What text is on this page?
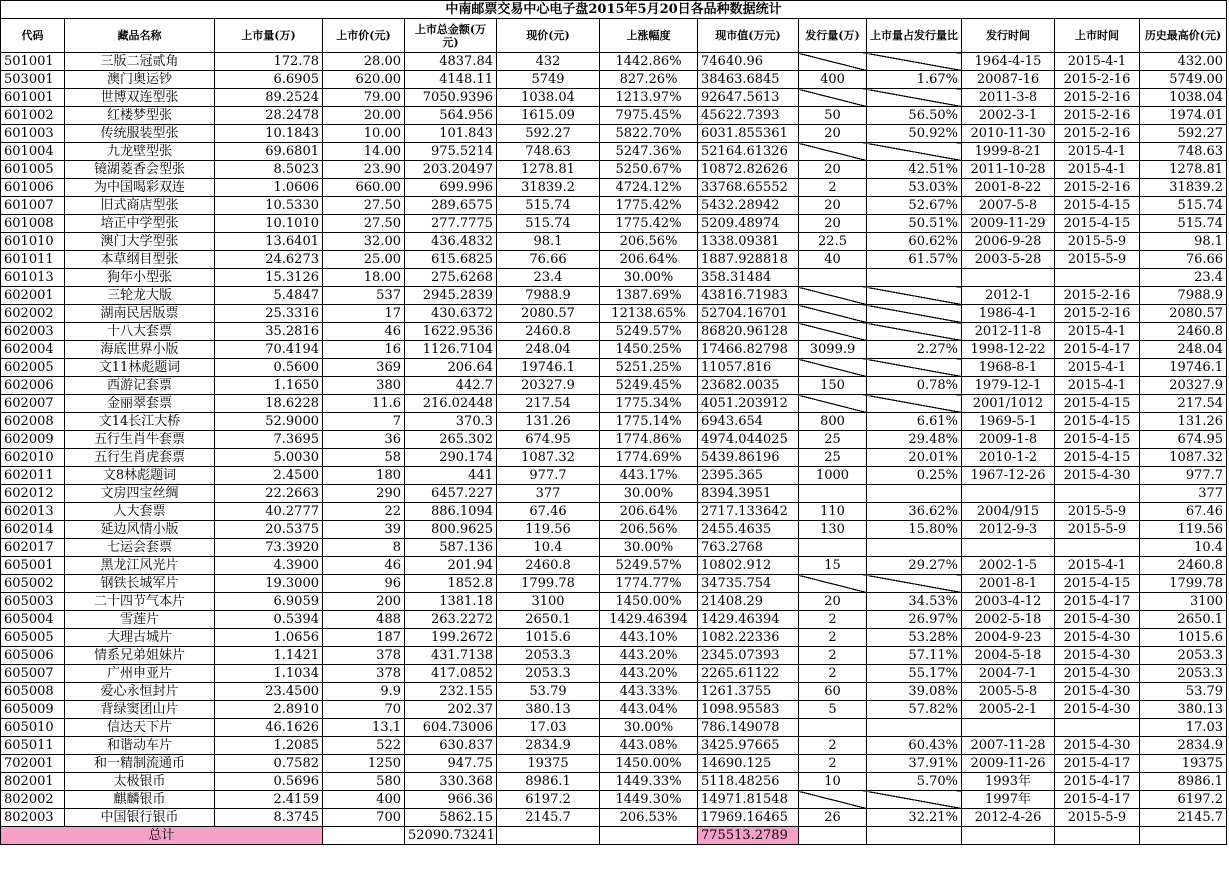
中南邮票交易中心电子盘2015年5月20日各品种数据统计												
代码	藏品名称	上市量(万)	上市价(元)	上市总金额(万元)	现价(元)	上涨幅度	现市值(万元)	发行量(万)	上市量占发行量比	发行时间	上市时间	历史最高价(元)
501001	三版二冠贰角	172.78	28.00	4837.84	432	1442.86%	74640.96			1964-4-15	2015-4-1	432.00
503001	澳门奥运钞	6.6905	620.00	4148.11	5749	827.26%	38463.6845	400	1.67%	20087-16	2015-2-16	5749.00
601001	世博双连型张	89.2524	79.00	7050.9396	1038.04	1213.97%	92647.5613			2011-3-8	2015-2-16	1038.04
601002	红楼梦型张	28.2478	20.00	564.956	1615.09	7975.45%	45622.7393	50	56.50%	2002-3-1	2015-2-16	1974.01
601003	传统服装型张	10.1843	10.00	101.843	592.27	5822.70%	6031.855361	20	50.92%	2010-11-30	2015-2-16	592.27
601004	九龙壁型张	69.6801	14.00	975.5214	748.63	5247.36%	52164.61326			1999-8-21	2015-4-1	748.63
601005	镜湖菱香会型张	8.5023	23.90	203.20497	1278.81	5250.67%	10872.82626	20	42.51%	2011-10-28	2015-4-1	1278.81
601006	为中国喝彩双连	1.0606	660.00	699.996	31839.2	4724.12%	33768.65552	2	53.03%	2001-8-22	2015-2-16	31839.2
601007	旧式商店型张	10.5330	27.50	289.6575	515.74	1775.42%	5432.28942	20	52.67%	2007-5-8	2015-4-15	515.74
601008	培正中学型张	10.1010	27.50	277.7775	515.74	1775.42%	5209.48974	20	50.51%	2009-11-29	2015-4-15	515.74
601010	澳门大学型张	13.6401	32.00	436.4832	98.1	206.56%	1338.09381	22.5	60.62%	2006-9-28	2015-5-9	98.1
601011	本草纲目型张	24.6273	25.00	615.6825	76.66	206.64%	1887.928818	40	61.57%	2003-5-28	2015-5-9	76.66
601013	狗年小型张	15.3126	18.00	275.6268	23.4	30.00%	358.31484					23.4
602001	三轮龙大版	5.4847	537	2945.2839	7988.9	1387.69%	43816.71983			2012-1	2015-2-16	7988.9
602002	湖南民居版票	25.3316	17	430.6372	2080.57	12138.65%	52704.16701			1986-4-1	2015-2-16	2080.57
602003	十八大套票	35.2816	46	1622.9536	2460.8	5249.57%	86820.96128			2012-11-8	2015-4-1	2460.8
602004	海底世界小版	70.4194	16	1126.7104	248.04	1450.25%	17466.82798	3099.9	2.27%	1998-12-22	2015-4-17	248.04
602005	文11林彪题词	0.5600	369	206.64	19746.1	5251.25%	11057.816			1968-8-1	2015-4-1	19746.1
602006	西游记套票	1.1650	380	442.7	20327.9	5249.45%	23682.0035	150	0.78%	1979-12-1	2015-4-1	20327.9
602007	金丽翠套票	18.6228	11.6	216.02448	217.54	1775.34%	4051.203912			2001/1012	2015-4-15	217.54
602008	文14长江大桥	52.9000	7	370.3	131.26	1775.14%	6943.654	800	6.61%	1969-5-1	2015-4-15	131.26
602009	五行生肖牛套票	7.3695	36	265.302	674.95	1774.86%	4974.044025	25	29.48%	2009-1-8	2015-4-15	674.95
602010	五行生肖虎套票	5.0030	58	290.174	1087.32	1774.69%	5439.86196	25	20.01%	2010-1-2	2015-4-15	1087.32
602011	文8林彪题词	2.4500	180	441	977.7	443.17%	2395.365	1000	0.25%	1967-12-26	2015-4-30	977.7
602012	文房四宝丝绸	22.2663	290	6457.227	377	30.00%	8394.3951					377
602013	人大套票	40.2777	22	886.1094	67.46	206.64%	2717.133642	110	36.62%	2004/915	2015-5-9	67.46
602014	延边风情小版	20.5375	39	800.9625	119.56	206.56%	2455.4635	130	15.80%	2012-9-3	2015-5-9	119.56
602017	七运会套票	73.3920	8	587.136	10.4	30.00%	763.2768					10.4
605001	黑龙江风光片	4.3900	46	201.94	2460.8	5249.57%	10802.912	15	29.27%	2002-1-5	2015-4-1	2460.8
605002	钢铁长城军片	19.3000	96	1852.8	1799.78	1774.77%	34735.754			2001-8-1	2015-4-15	1799.78
605003	二十四节气本片	6.9059	200	1381.18	3100	1450.00%	21408.29	20	34.53%	2003-4-12	2015-4-17	3100
605004	雪莲片	0.5394	488	263.2272	2650.1	1429.46394	1429.46394	2	26.97%	2002-5-18	2015-4-30	2650.1
605005	大理古城片	1.0656	187	199.2672	1015.6	443.10%	1082.22336	2	53.28%	2004-9-23	2015-4-30	1015.6
605006	情系兄弟姐妹片	1.1421	378	431.7138	2053.3	443.20%	2345.07393	2	57.11%	2004-5-18	2015-4-30	2053.3
605007	广州申亚片	1.1034	378	417.0852	2053.3	443.20%	2265.61122	2	55.17%	2004-7-1	2015-4-30	2053.3
605008	爱心永恒封片	23.4500	9.9	232.155	53.79	443.33%	1261.3755	60	39.08%	2005-5-8	2015-4-30	53.79
605009	背绿窦团山片	2.8910	70	202.37	380.13	443.04%	1098.95583	5	57.82%	2005-2-1	2015-4-30	380.13
605010	信达天下片	46.1626	13.1	604.73006	17.03	30.00%	786.149078					17.03
605011	和谐动车片	1.2085	522	630.837	2834.9	443.08%	3425.97665	2	60.43%	2007-11-28	2015-4-30	2834.9
702001	和一精制流通币	0.7582	1250	947.75	19375	1450.00%	14690.125	2	37.91%	2009-11-26	2015-4-17	19375
802001	太极银币	0.5696	580	330.368	8986.1	1449.33%	5118.48256	10	5.70%	1993年	2015-4-17	8986.1
802002	麒麟银币	2.4159	400	966.36	6197.2	1449.30%	14971.81548			1997年	2015-4-17	6197.2
802003	中国银行银币	8.3745	700	5862.15	2145.7	206.53%	17969.16465	26	32.21%	2012-4-26	2015-5-9	2145.7
总计				52090.73241			775513.2789					
